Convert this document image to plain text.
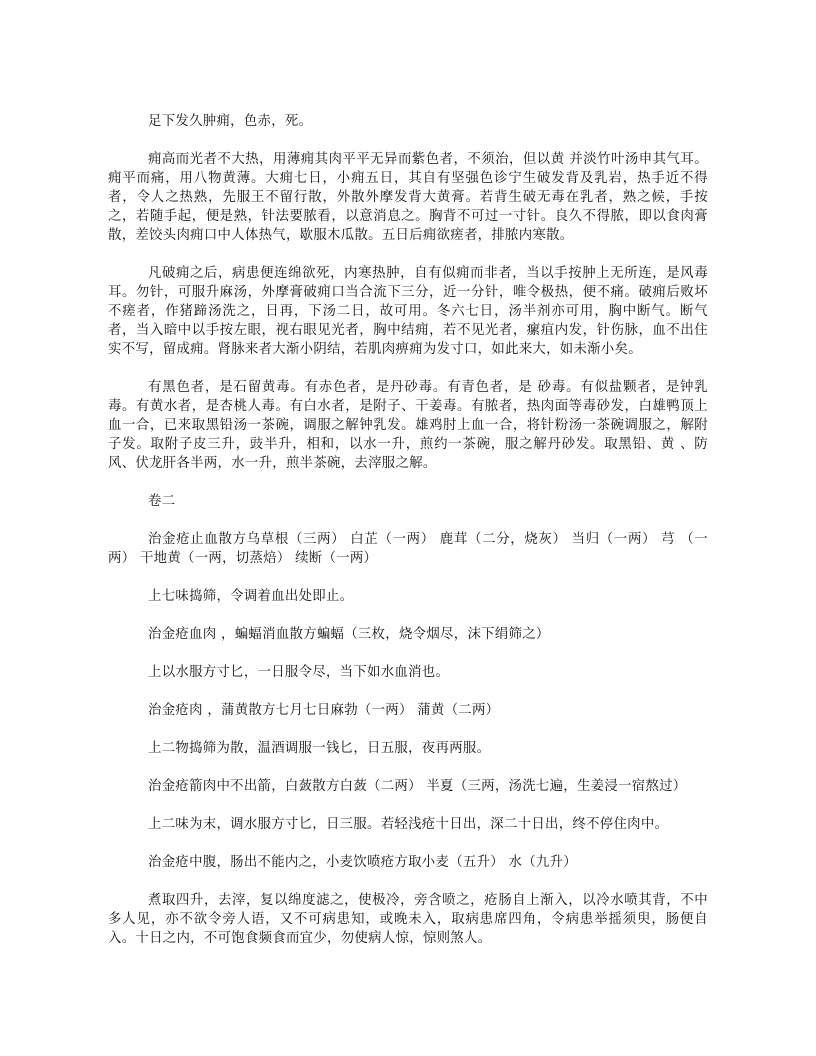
足下发久肿痈，色赤，死。

痈高而光者不大热，用薄痈其肉平平无异而紫色者，不须治，但以黄 并淡竹叶汤申其气耳。痈平而痛，用八物黄薄。大痈七日，小痈五日，其自有坚强色诊宁生破发背及乳岩，热手近不得者，令人之热熟，先服王不留行散，外散外摩发背大黄膏。若背生破无毒在乳者，熟之候，手按之，若随手起，便是熟，针法要脓看，以意消息之。胸背不可过一寸针。良久不得脓，即以食肉膏散，差饺头肉痈口中人体热气，歇服木瓜散。五日后痈欲瘥者，排脓内寒散。

凡破痈之后，病患便连绵欲死，内寒热肿，自有似痈而非者，当以手按肿上无所连，是风毒耳。勿针，可服升麻汤，外摩膏破痈口当合流下三分，近一分针，唯令极热，便不痛。破痈后败坏不瘥者，作猪蹄汤洗之，日再，下汤二日，故可用。冬六七日，汤半剂亦可用，胸中断气。断气者，当入暗中以手按左眼，视右眼见光者，胸中结痈，若不见光者，瘰疽内发，针伤脉，血不出住实不写，留成痈。肾脉来者大渐小阴结，若肌肉痹痈为发寸口，如此来大，如未渐小矣。

有黑色者，是石留黄毒。有赤色者，是丹砂毒。有青色者，是 砂毒。有似盐颗者，是钟乳毒。有黄水者，是杏桃人毒。有白水者，是附子、干姜毒。有脓者，热肉面等毒砂发，白雄鸭顶上血一合，已来取黑铅汤一茶碗，调服之解钟乳发。雄鸡肘上血一合，将针粉汤一茶碗调服之，解附子发。取附子皮三升，豉半升，相和，以水一升，煎约一茶碗，服之解丹砂发。取黑铅、黄 、防风、伏龙肝各半两，水一升，煎半茶碗，去滓服之解。

卷二

治金疮止血散方乌草根（三两） 白芷（一两） 鹿茸（二分，烧灰） 当归（一两） 芎 （一两） 干地黄（一两，切蒸焙） 续断（一两）

上七味捣筛，令调着血出处即止。

治金疮血肉 ，蝙蝠消血散方蝙蝠（三枚，烧令烟尽，沫下绢筛之）

上以水服方寸匕，一日服令尽，当下如水血消也。

治金疮肉 ，蒲黄散方七月七日麻勃（一两） 蒲黄（二两）

上二物捣筛为散，温酒调服一钱匕，日五服，夜再两服。

治金疮箭肉中不出箭，白蔹散方白蔹（二两） 半夏（三两，汤洗七遍，生姜浸一宿熬过）

上二味为末，调水服方寸匕，日三服。若轻浅疮十日出，深二十日出，终不停住肉中。

治金疮中腹，肠出不能内之，小麦饮喷疮方取小麦（五升） 水（九升）

煮取四升，去滓，复以绵度滤之，使极冷，旁含喷之，疮肠自上渐入，以冷水喷其背，不中多人见，亦不欲令旁人语，又不可病患知，或晚未入，取病患席四角，令病患举摇须臾，肠便自入。十日之内，不可饱食频食而宜少，勿使病人惊，惊则煞人。
